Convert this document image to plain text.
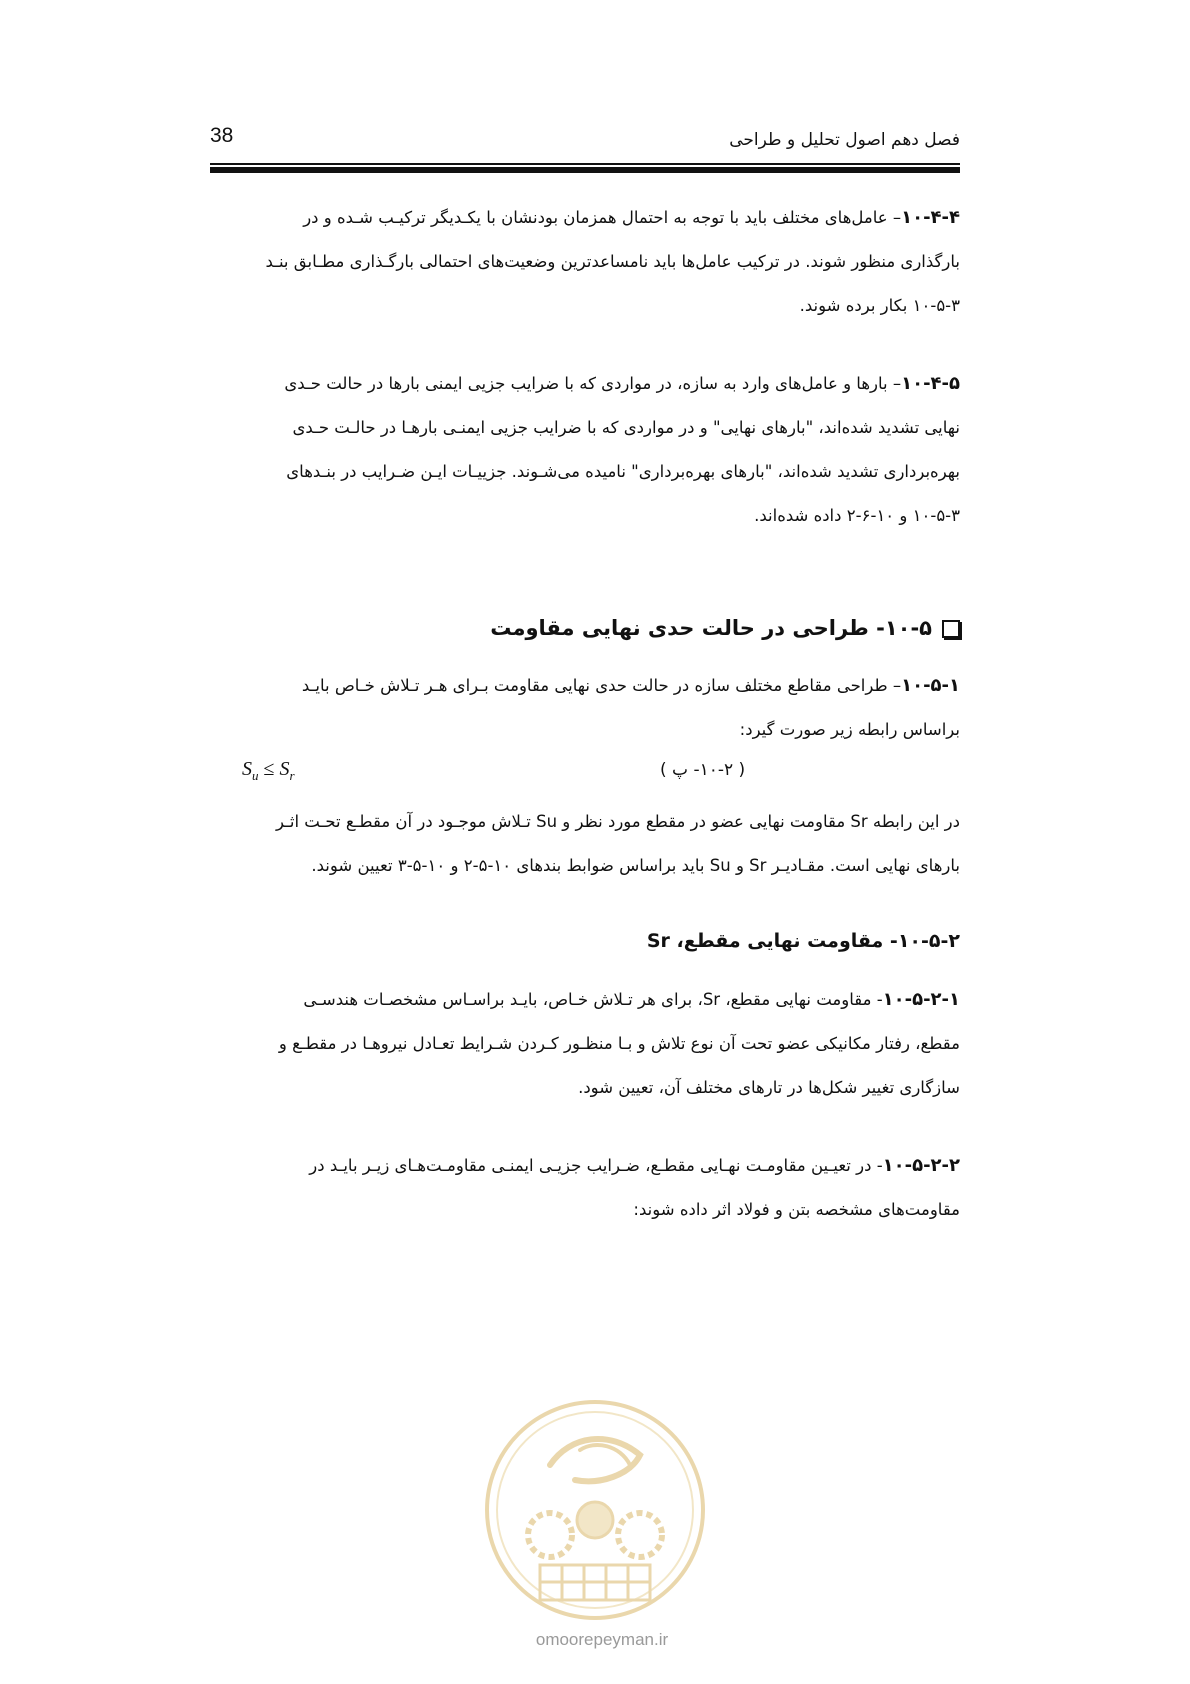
38	فصل دهم اصول تحلیل و طراحی
۱۰-۴-۴– عامل‌های مختلف باید با توجه به احتمال همزمان بودنشان با یکـدیگر ترکیـب شـده و در
بارگذاری منظور شوند. در ترکیب عامل‌ها باید نامساعدترین وضعیت‌های احتمالی بارگـذاری مطـابق بنـد
۱۰-۵-۳ بکار برده شوند.
۱۰-۴-۵– بارها و عامل‌های وارد به سازه، در مواردی که با ضرایب جزیی ایمنی بارها در حالت حـدی
نهایی تشدید شده‌اند، "بارهای نهایی" و در مواردی که با ضرایب جزیی ایمنـی بارهـا در حالـت حـدی
بهره‌برداری تشدید شده‌اند، "بارهای بهره‌برداری" نامیده می‌شـوند. جزییـات ایـن ضـرایب در بنـدهای
۱۰-۵-۳ و ۱۰-۶-۲ داده شده‌اند.
۱۰-۵- طراحی در حالت حدی نهایی مقاومت
۱۰-۵-۱– طراحی مقاطع مختلف سازه در حالت حدی نهایی مقاومت بـرای هـر تـلاش خـاص بایـد
براساس رابطه زیر صورت گیرد:
$S_u \le S_r$	( ۱۰-۲- پ )
در این رابطه Sr مقاومت نهایی عضو در مقطع مورد نظر و Su تـلاش موجـود در آن مقطـع تحـت اثـر
بارهای نهایی است. مقـادیـر Sr و Su باید براساس ضوابط بندهای ۱۰-۵-۲ و ۱۰-۵-۳ تعیین شوند.
۱۰-۵-۲- مقاومت نهایی مقطع، Sr
۱۰-۵-۲-۱- مقاومت نهایی مقطع، Sr، برای هر تـلاش خـاص، بایـد براسـاس مشخصـات هندسـی
مقطع، رفتار مکانیکی عضو تحت آن نوع تلاش و بـا منظـور کـردن شـرایط تعـادل نیروهـا در مقطـع و
سازگاری تغییر شکل‌ها در تارهای مختلف آن، تعیین شود.
۱۰-۵-۲-۲- در تعیـین مقاومـت نهـایی مقطـع، ضـرایب جزیـی ایمنـی مقاومـت‌هـای زیـر بایـد در
مقاومت‌های مشخصه بتن و فولاد اثر داده شوند:
omoorepeyman.ir
